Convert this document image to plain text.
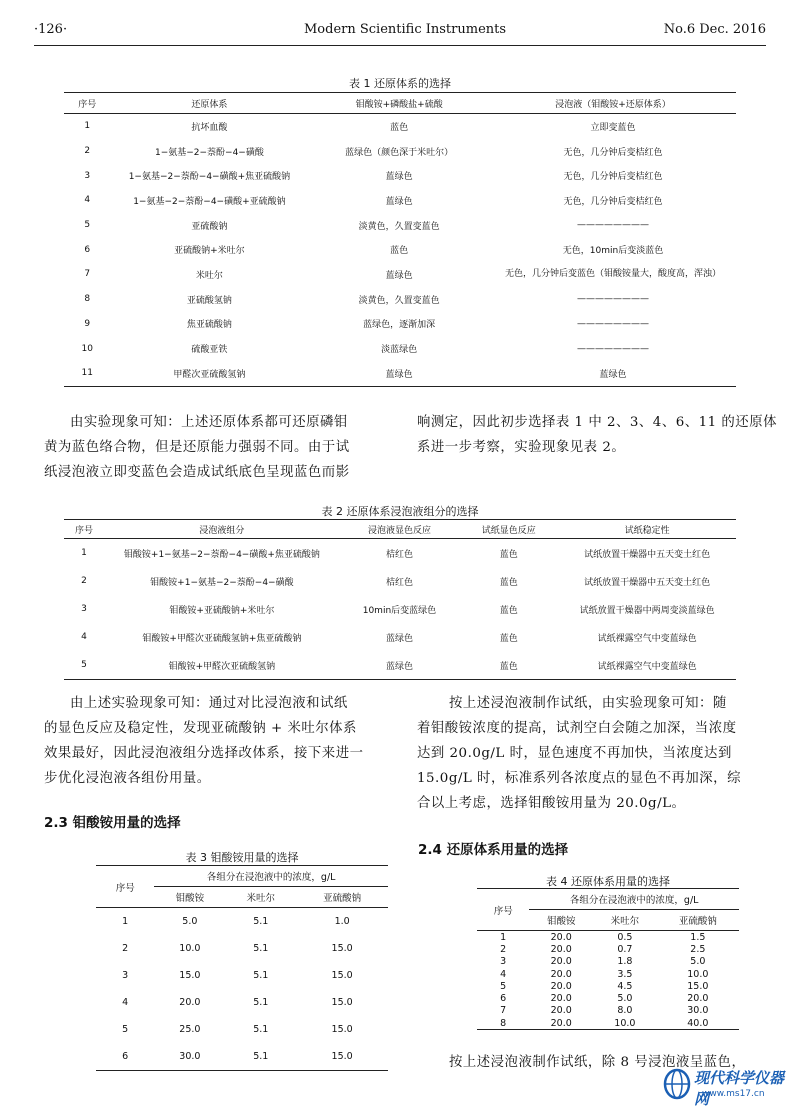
·126·	Modern Scientific Instruments	No.6 Dec. 2016
表 1 还原体系的选择
序号	还原体系	钼酸铵+磷酸盐+硫酸	浸泡液（钼酸铵+还原体系）
1	抗坏血酸	蓝色	立即变蓝色
2	1−氨基−2−萘酚−4−磺酸	蓝绿色（颜色深于米吐尔）	无色，几分钟后变桔红色
3	1−氨基−2−萘酚−4−磺酸+焦亚硫酸钠	蓝绿色	无色，几分钟后变桔红色
4	1−氨基−2−萘酚−4−磺酸+亚硫酸钠	蓝绿色	无色，几分钟后变桔红色
5	亚硫酸钠	淡黄色，久置变蓝色	————————
6	亚硫酸钠+米吐尔	蓝色	无色，10min后变淡蓝色
7	米吐尔	蓝绿色	无色，几分钟后变蓝色（钼酸铵量大，酸度高，浑浊）
8	亚硫酸氢钠	淡黄色，久置变蓝色	————————
9	焦亚硫酸钠	蓝绿色，逐渐加深	————————
10	硫酸亚铁	淡蓝绿色	————————
11	甲醛次亚硫酸氢钠	蓝绿色	蓝绿色
由实验现象可知：上述还原体系都可还原磷钼
黄为蓝色络合物，但是还原能力强弱不同。由于试
纸浸泡液立即变蓝色会造成试纸底色呈现蓝色而影
响测定，因此初步选择表 1 中 2、3、4、6、11 的还原体
系进一步考察，实验现象见表 2。
表 2 还原体系浸泡液组分的选择
序号	浸泡液组分	浸泡液显色反应	试纸显色反应	试纸稳定性
1	钼酸铵+1−氨基−2−萘酚−4−磺酸+焦亚硫酸钠	桔红色	蓝色	试纸放置干燥器中五天变土红色
2	钼酸铵+1−氨基−2−萘酚−4−磺酸	桔红色	蓝色	试纸放置干燥器中五天变土红色
3	钼酸铵+亚硫酸钠+米吐尔	10min后变蓝绿色	蓝色	试纸放置干燥器中两周变淡蓝绿色
4	钼酸铵+甲醛次亚硫酸氢钠+焦亚硫酸钠	蓝绿色	蓝色	试纸裸露空气中变蓝绿色
5	钼酸铵+甲醛次亚硫酸氢钠	蓝绿色	蓝色	试纸裸露空气中变蓝绿色
由上述实验现象可知：通过对比浸泡液和试纸
的显色反应及稳定性，发现亚硫酸钠 + 米吐尔体系
效果最好，因此浸泡液组分选择改体系，接下来进一
步优化浸泡液各组份用量。
按上述浸泡液制作试纸，由实验现象可知：随
着钼酸铵浓度的提高，试剂空白会随之加深，当浓度
达到 20.0g/L 时，显色速度不再加快，当浓度达到
15.0g/L 时，标准系列各浓度点的显色不再加深，综
合以上考虑，选择钼酸铵用量为 20.0g/L。
2.3 钼酸铵用量的选择
2.4 还原体系用量的选择
表 3 钼酸铵用量的选择
序号	各组分在浸泡液中的浓度，g/L		
	钼酸铵	米吐尔	亚硫酸钠
1	5.0	5.1	1.0
2	10.0	5.1	15.0
3	15.0	5.1	15.0
4	20.0	5.1	15.0
5	25.0	5.1	15.0
6	30.0	5.1	15.0
表 4 还原体系用量的选择
序号	各组分在浸泡液中的浓度，g/L		
	钼酸铵	米吐尔	亚硫酸钠
1	20.0	0.5	1.5
2	20.0	0.7	2.5
3	20.0	1.8	5.0
4	20.0	3.5	10.0
5	20.0	4.5	15.0
6	20.0	5.0	20.0
7	20.0	8.0	30.0
8	20.0	10.0	40.0
按上述浸泡液制作试纸，除 8 号浸泡液呈蓝色，
现代科学仪器网
www.ms17.cn
